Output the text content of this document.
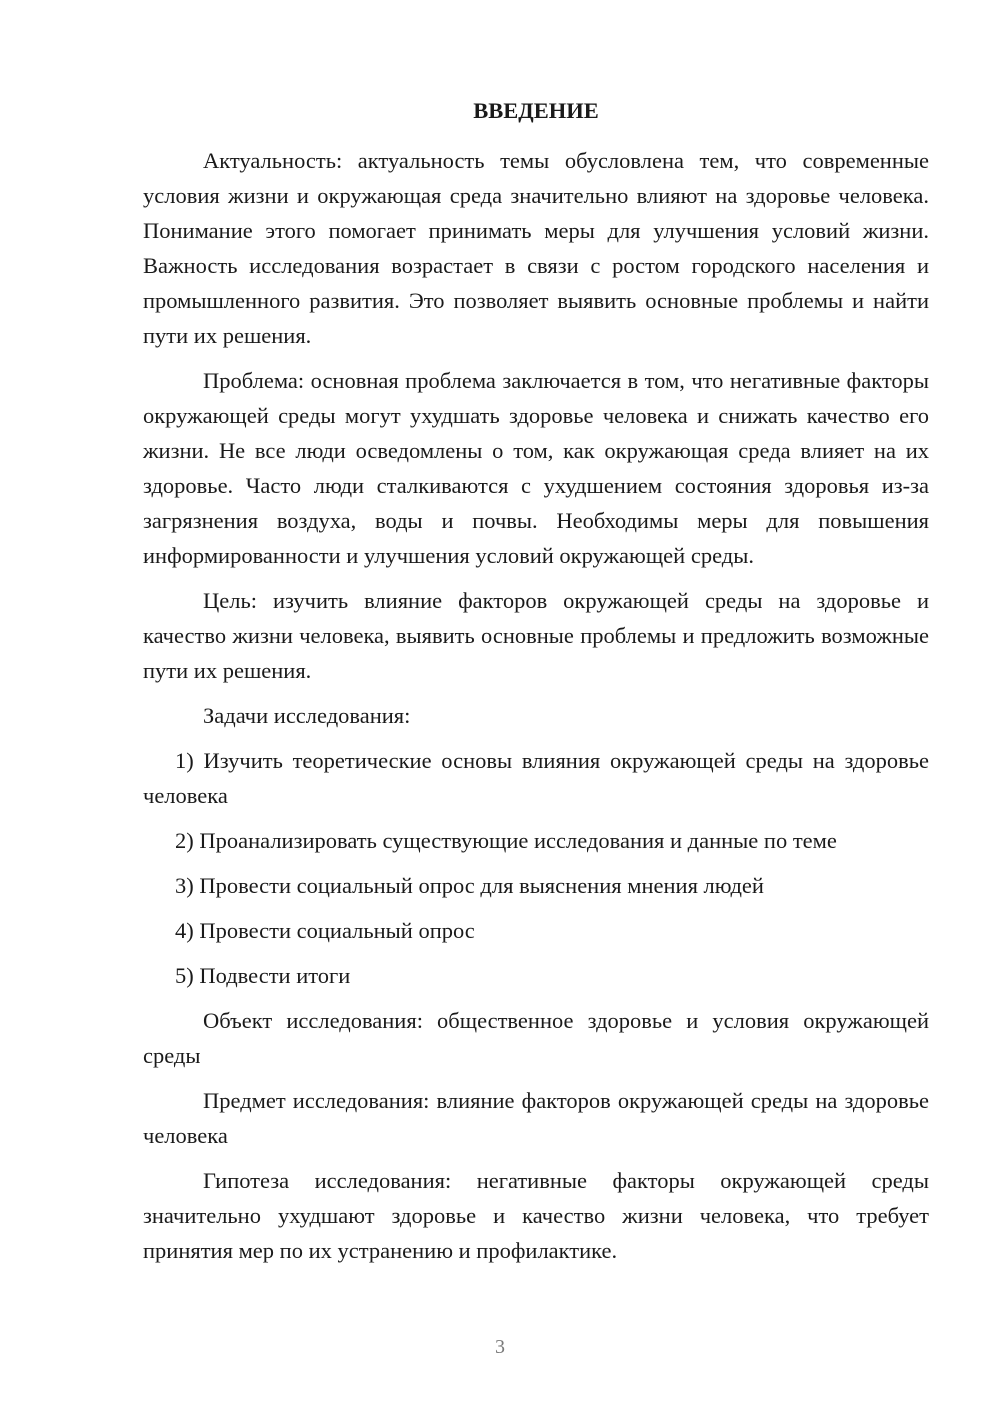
ВВЕДЕНИЕ

Актуальность: актуальность темы обусловлена тем, что современные условия жизни и окружающая среда значительно влияют на здоровье человека. Понимание этого помогает принимать меры для улучшения условий жизни. Важность исследования возрастает в связи с ростом городского населения и промышленного развития. Это позволяет выявить основные проблемы и найти пути их решения.

Проблема: основная проблема заключается в том, что негативные факторы окружающей среды могут ухудшать здоровье человека и снижать качество его жизни. Не все люди осведомлены о том, как окружающая среда влияет на их здоровье. Часто люди сталкиваются с ухудшением состояния здоровья из-за загрязнения воздуха, воды и почвы. Необходимы меры для повышения информированности и улучшения условий окружающей среды.

Цель: изучить влияние факторов окружающей среды на здоровье и качество жизни человека, выявить основные проблемы и предложить возможные пути их решения.

Задачи исследования:

1) Изучить теоретические основы влияния окружающей среды на здоровье человека

2) Проанализировать существующие исследования и данные по теме

3) Провести социальный опрос для выяснения мнения людей

4) Провести социальный опрос

5) Подвести итоги

Объект исследования: общественное здоровье и условия окружающей среды

Предмет исследования: влияние факторов окружающей среды на здоровье человека

Гипотеза исследования: негативные факторы окружающей среды значительно ухудшают здоровье и качество жизни человека, что требует принятия мер по их устранению и профилактике.

3
